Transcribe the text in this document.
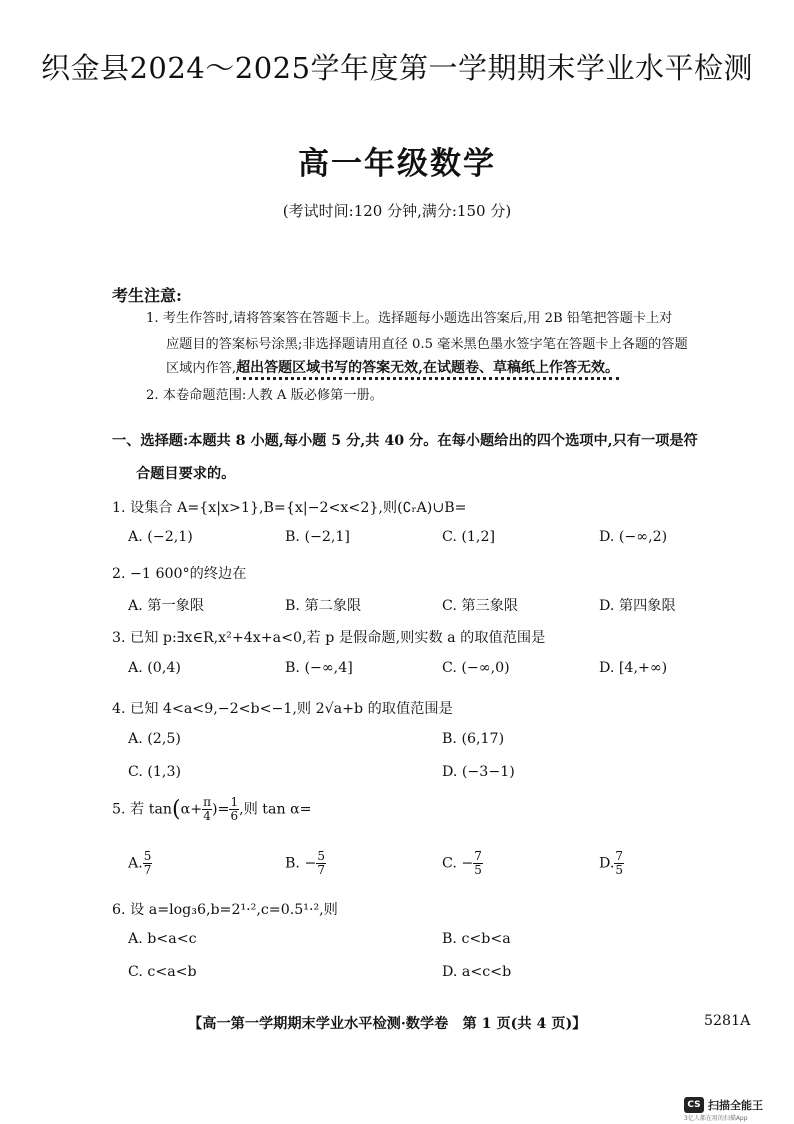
织金县2024～2025学年度第一学期期末学业水平检测
高一年级数学
(考试时间:120 分钟,满分:150 分)
考生注意:
1. 考生作答时,请将答案答在答题卡上。选择题每小题选出答案后,用 2B 铅笔把答题卡上对
应题目的答案标号涂黑;非选择题请用直径 0.5 毫米黑色墨水签字笔在答题卡上各题的答题
区域内作答,超出答题区域书写的答案无效,在试题卷、草稿纸上作答无效。
2. 本卷命题范围:人教 A 版必修第一册。
一、选择题:本题共 8 小题,每小题 5 分,共 40 分。在每小题给出的四个选项中,只有一项是符
合题目要求的。
1. 设集合 A={x|x>1},B={x|−2<x<2},则(∁ᵣA)∪B=
A. (−2,1)	B. (−2,1]	C. (1,2]	D. (−∞,2)
2. −1 600°的终边在
A. 第一象限	B. 第二象限	C. 第三象限	D. 第四象限
3. 已知 p:∃x∈R,x²+4x+a<0,若 p 是假命题,则实数 a 的取值范围是
A. (0,4)	B. (−∞,4]	C. (−∞,0)	D. [4,+∞)
4. 已知 4<a<9,−2<b<−1,则 2√a+b 的取值范围是
A. (2,5)	B. (6,17)
C. (1,3)	D. (−3−1)
5. 若 $\tan(\alpha+ \frac{\pi}{4}$ )= $\frac{1}{6}$ ,则 tan α=
A. $\frac{5}{7}$	B. − $\frac{5}{7}$	C. − $\frac{7}{5}$	D. $\frac{7}{5}$
6. 设 a=log₃6,b=2¹·²,c=0.5¹·²,则
A. b<a<c	B. c<b<a
C. c<a<b	D. a<c<b
【高一第一学期期末学业水平检测·数学卷　第 1 页(共 4 页)】	5281A
CS 扫描全能王
3亿人都在用的扫描App
